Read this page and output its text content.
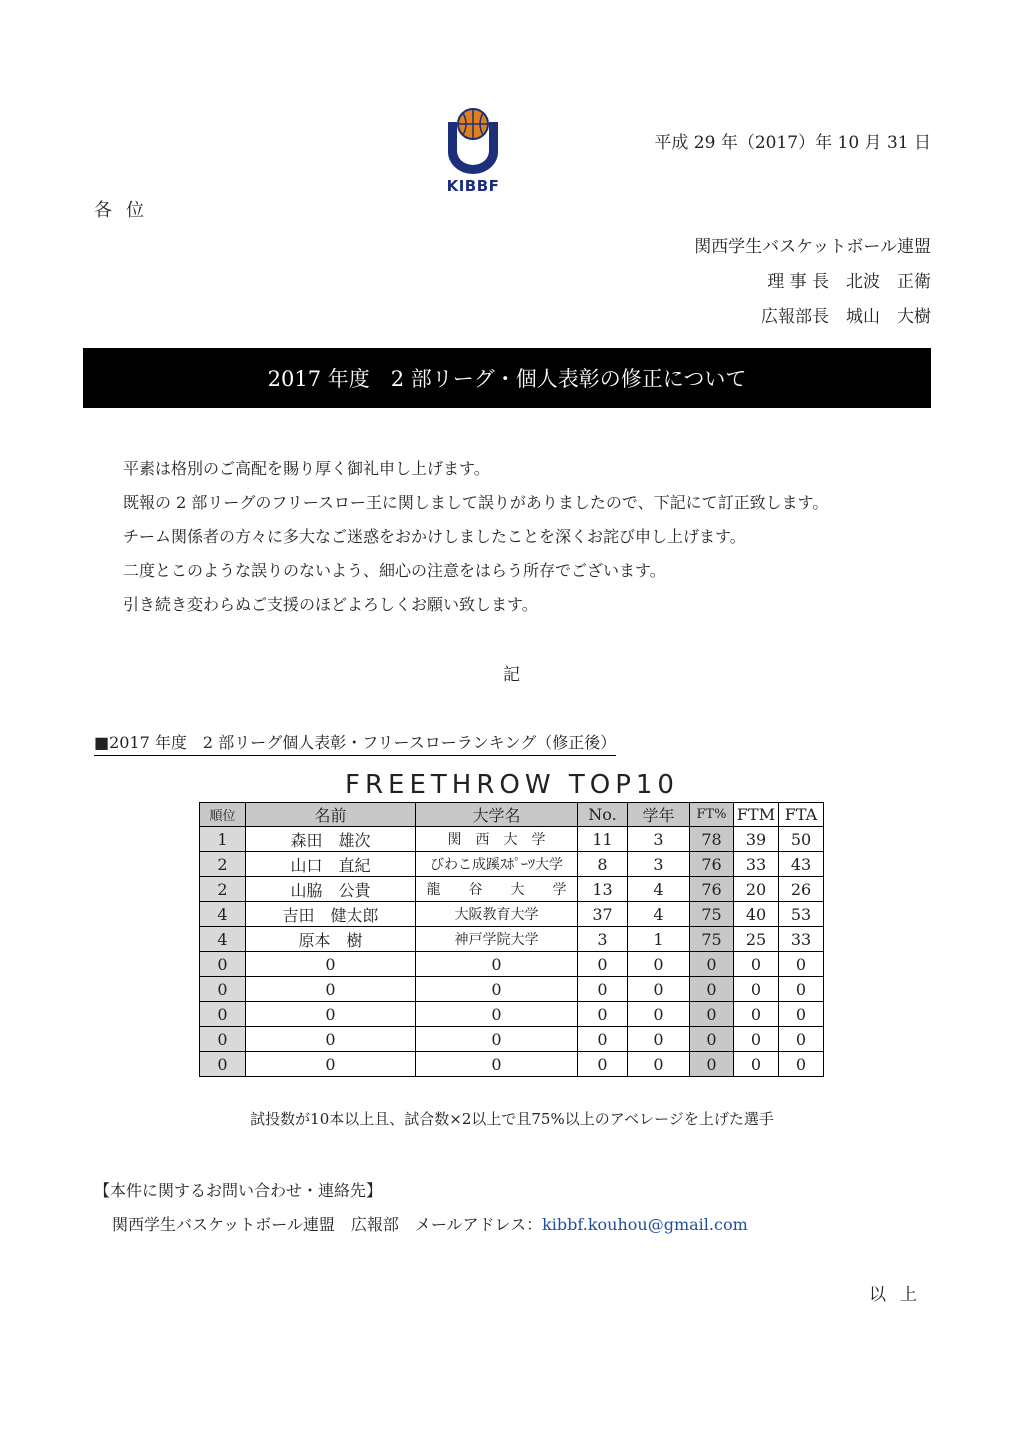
KIBBF
平成 29 年（2017）年 10 月 31 日
各位
関西学生バスケットボール連盟
理 事 長　北波　正衛
広報部長　城山　大樹
2017 年度　2 部リーグ・個人表彰の修正について
平素は格別のご高配を賜り厚く御礼申し上げます。
既報の 2 部リーグのフリースロー王に関しまして誤りがありましたので、下記にて訂正致します。
チーム関係者の方々に多大なご迷惑をおかけしましたことを深くお詫び申し上げます。
二度とこのような誤りのないよう、細心の注意をはらう所存でございます。
引き続き変わらぬご支援のほどよろしくお願い致します。
記
■2017 年度　2 部リーグ個人表彰・フリースローランキング（修正後）
FREETHROW TOP10
順位	名前	大学名	No.	学年	FT%	FTM	FTA
1	森田　雄次	関　西　大　学	11	3	78	39	50
2	山口　直紀	びわこ成蹊ｽﾎﾟｰﾂ大学	8	3	76	33	43
2	山脇　公貴	龍　　谷　　大　　学	13	4	76	20	26
4	吉田　健太郎	大阪教育大学	37	4	75	40	53
4	原本　樹	神戸学院大学	3	1	75	25	33
0	0	0	0	0	0	0	0
0	0	0	0	0	0	0	0
0	0	0	0	0	0	0	0
0	0	0	0	0	0	0	0
0	0	0	0	0	0	0	0
試投数が10本以上且、試合数×2以上で且75%以上のアベレージを上げた選手
【本件に関するお問い合わせ・連絡先】
関西学生バスケットボール連盟　広報部　メールアドレス：kibbf.kouhou@gmail.com
以上
